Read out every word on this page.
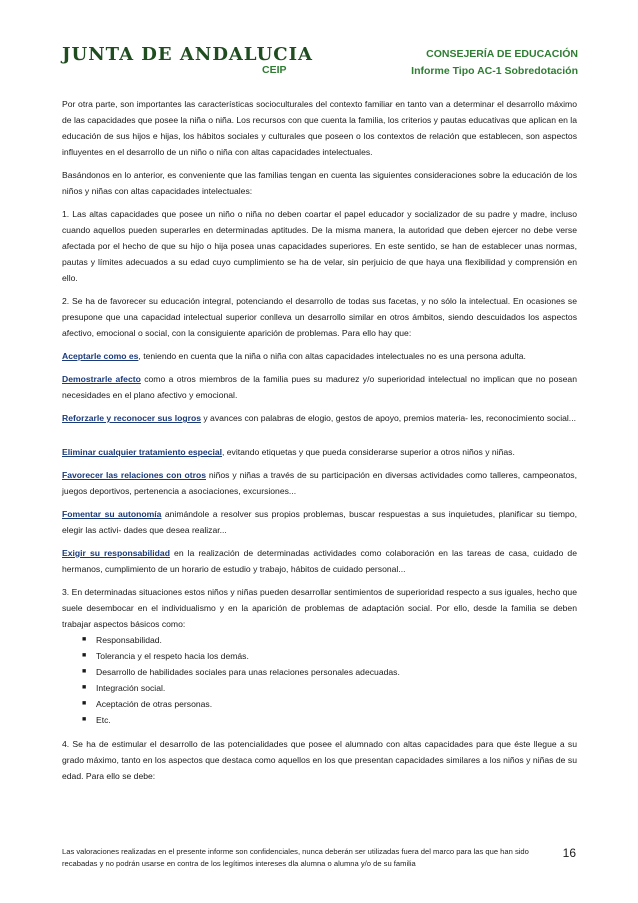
JUNTA DE ANDALUCIA
CEIP
CONSEJERÍA DE EDUCACIÓN
Informe Tipo AC-1 Sobredotación

Por otra parte, son importantes las características socioculturales del contexto familiar en tanto van a determinar el desarrollo máximo de las capacidades que posee la niña o niña. Los recursos con que cuenta la familia, los criterios y pautas educativas que aplican en la educación de sus hijos e hijas, los hábitos sociales y culturales que poseen o los contextos de relación que establecen, son aspectos influyentes en el desarrollo de un niño o niña con altas capacidades intelectuales.

Basándonos en lo anterior, es conveniente que las familias tengan en cuenta las siguientes consideraciones sobre la educación de los niños y niñas con altas capacidades intelectuales:

1. Las altas capacidades que posee un niño o niña no deben coartar el papel educador y socializador de su padre y madre, incluso cuando aquellos pueden superarles en determinadas aptitudes. De la misma manera, la autoridad que deben ejercer no debe verse afectada por el hecho de que su hijo o hija posea unas capacidades superiores. En este sentido, se han de establecer unas normas, pautas y límites adecuados a su edad cuyo cumplimiento se ha de velar, sin perjuicio de que haya una flexibilidad y comprensión en ello.

2. Se ha de favorecer su educación integral, potenciando el desarrollo de todas sus facetas, y no sólo la intelectual. En ocasiones se presupone que una capacidad intelectual superior conlleva un desarrollo similar en otros ámbitos, siendo descuidados los aspectos afectivo, emocional o social, con la consiguiente aparición de problemas. Para ello hay que:

Aceptarle como es, teniendo en cuenta que la niña o niña con altas capacidades intelectuales no es una persona adulta.

Demostrarle afecto como a otros miembros de la familia pues su madurez y/o superioridad intelectual no implican que no posean necesidades en el plano afectivo y emocional.

Reforzarle y reconocer sus logros y avances con palabras de elogio, gestos de apoyo, premios materia- les, reconocimiento social...

Eliminar cualquier tratamiento especial, evitando etiquetas y que pueda considerarse superior a otros niños y niñas.

Favorecer las relaciones con otros niños y niñas a través de su participación en diversas actividades como talleres, campeonatos, juegos deportivos, pertenencia a asociaciones, excursiones...

Fomentar su autonomía animándole a resolver sus propios problemas, buscar respuestas a sus inquietudes, planificar su tiempo, elegir las activi- dades que desea realizar...

Exigir su responsabilidad en la realización de determinadas actividades como colaboración en las tareas de casa, cuidado de hermanos, cumplimiento de un horario de estudio y trabajo, hábitos de cuidado personal...

3. En determinadas situaciones estos niños y niñas pueden desarrollar sentimientos de superioridad respecto a sus iguales, hecho que suele desembocar en el individualismo y en la aparición de problemas de adaptación social. Por ello, desde la familia se deben trabajar aspectos básicos como:

■ Responsabilidad.
■ Tolerancia y el respeto hacia los demás.
■ Desarrollo de habilidades sociales para unas relaciones personales adecuadas.
■ Integración social.
■ Aceptación de otras personas.
■ Etc.

4. Se ha de estimular el desarrollo de las potencialidades que posee el alumnado con altas capacidades para que éste llegue a su grado máximo, tanto en los aspectos que destaca como aquellos en los que presentan capacidades similares a los niños y niñas de su edad. Para ello se debe:

Las valoraciones realizadas en el presente informe son confidenciales, nunca deberán ser utilizadas fuera del marco para las que han sido recabadas y no podrán usarse en contra de los legítimos intereses dla alumna o alumna y/o de su familia
16
